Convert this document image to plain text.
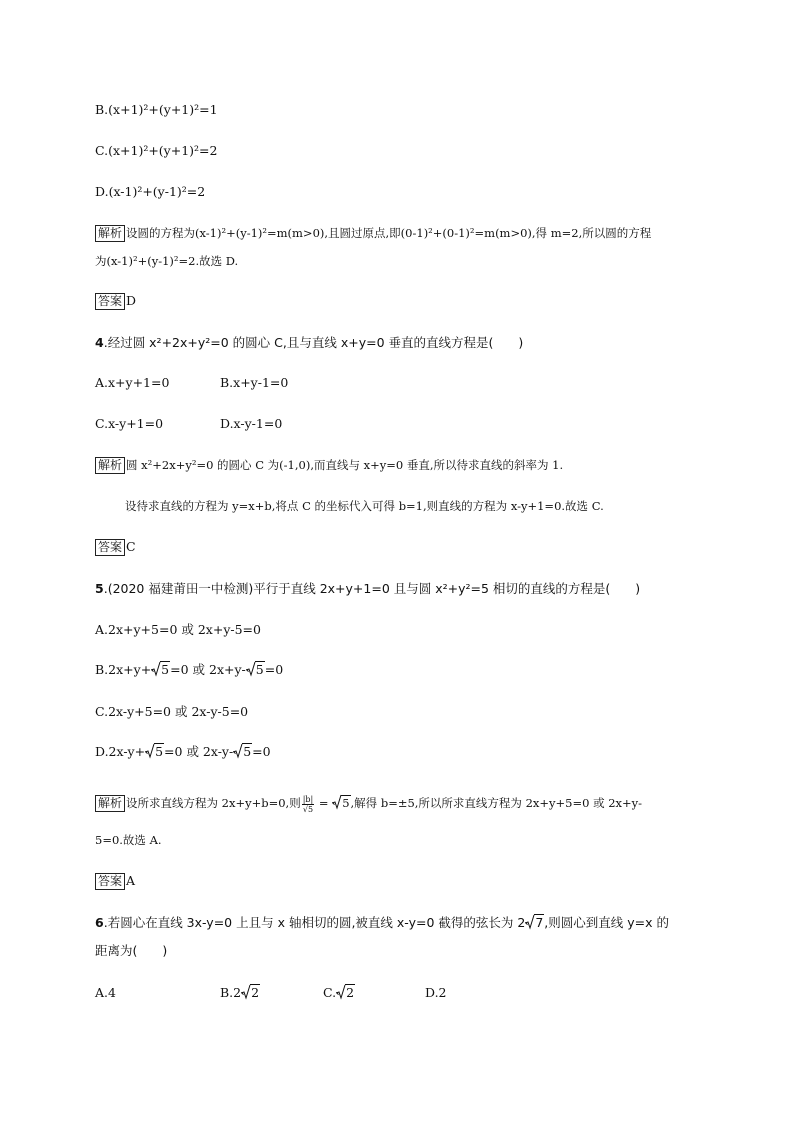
B.(x+1)²+(y+1)²=1
C.(x+1)²+(y+1)²=2
D.(x-1)²+(y-1)²=2
解析 设圆的方程为(x-1)²+(y-1)²=m(m>0),且圆过原点,即(0-1)²+(0-1)²=m(m>0),得 m=2,所以圆的方程
为(x-1)²+(y-1)²=2.故选 D.
答案 D
4.经过圆 x²+2x+y²=0 的圆心 C,且与直线 x+y=0 垂直的直线方程是(　　)
A.x+y+1=0	B.x+y-1=0
C.x-y+1=0	D.x-y-1=0
解析 圆 x²+2x+y²=0 的圆心 C 为(-1,0),而直线与 x+y=0 垂直,所以待求直线的斜率为 1.
设待求直线的方程为 y=x+b,将点 C 的坐标代入可得 b=1,则直线的方程为 x-y+1=0.故选 C.
答案 C
5.(2020 福建莆田一中检测)平行于直线 2x+y+1=0 且与圆 x²+y²=5 相切的直线的方程是(　　)
A.2x+y+5=0 或 2x+y-5=0
B.2x+y+ 5=0 或 2x+y- 5=0
C.2x-y+5=0 或 2x-y-5=0
D.2x-y+ 5=0 或 2x-y- 5=0
解析 设所求直线方程为 2x+y+b=0,则 $\frac{|b|}{√5}$ =
5,解得 b=±5,所以所求直线方程为 2x+y+5=0 或 2x+y-
5=0.故选 A.
答案 A
6.若圆心在直线 3x-y=0 上且与 x 轴相切的圆,被直线 x-y=0 截得的弦长为 2 7,则圆心到直线 y=x 的
距离为(　　)
A.4	B.2 2	C. 2	D.2
